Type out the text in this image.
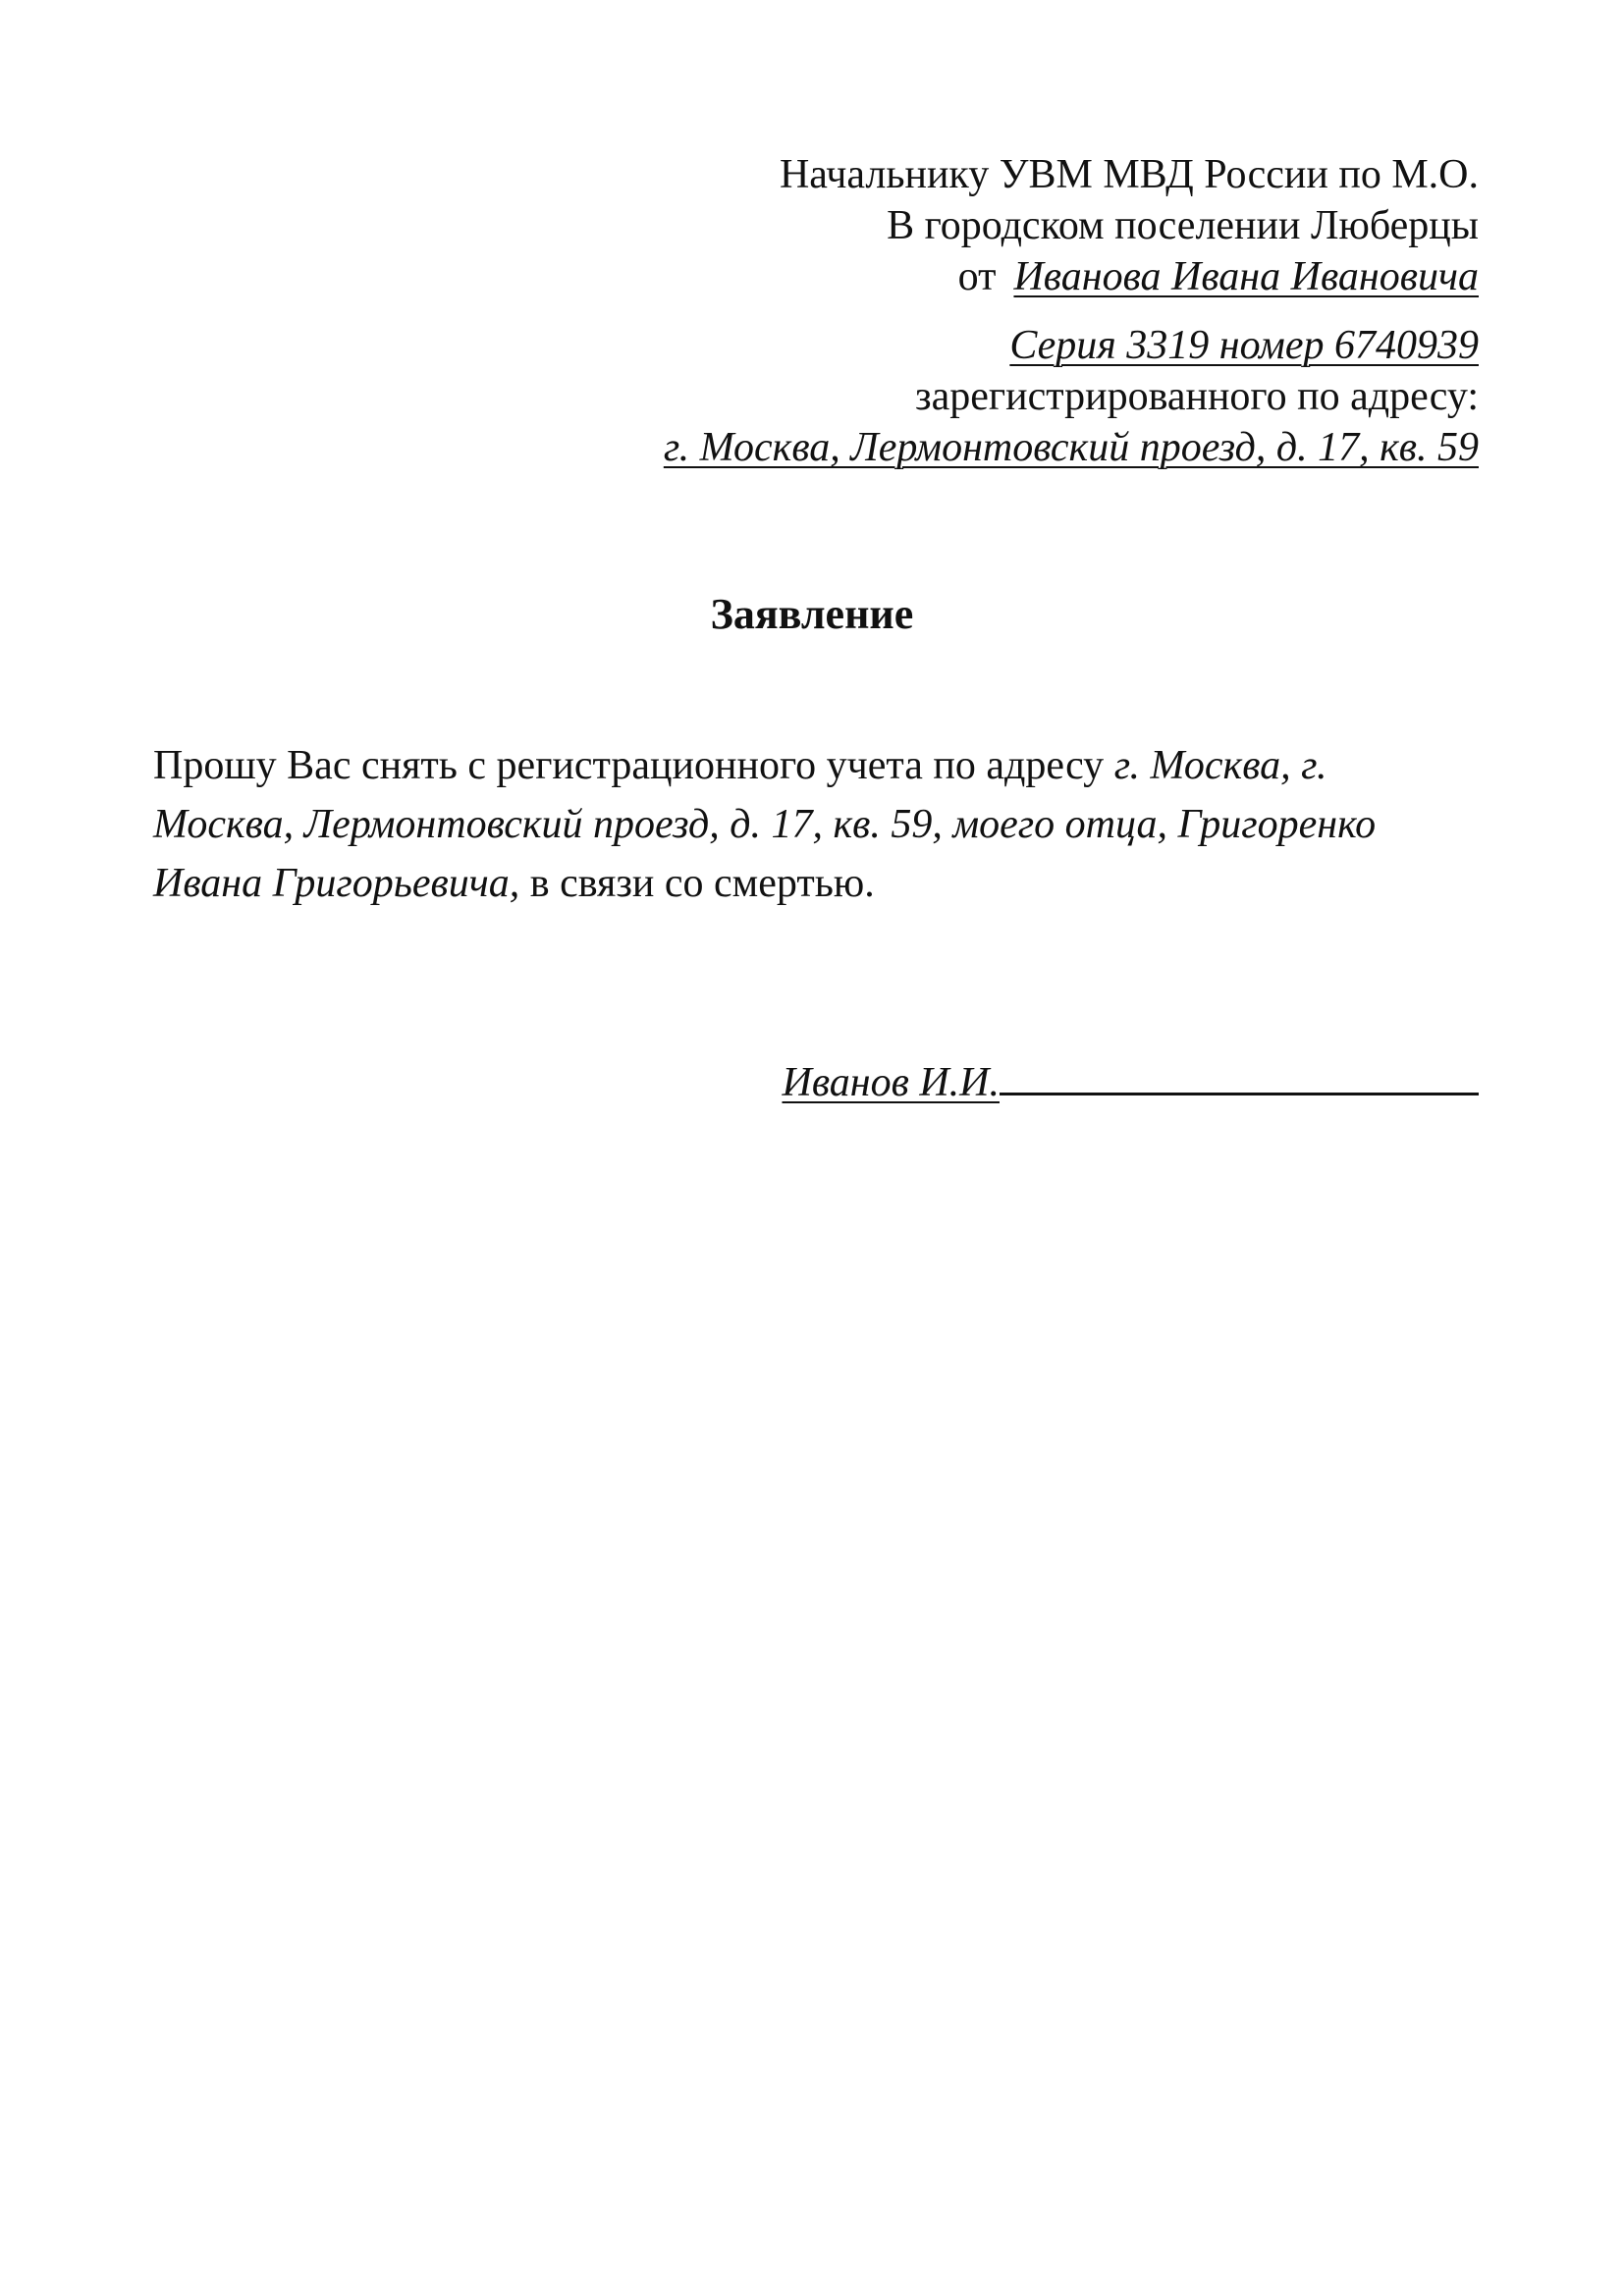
Начальнику УВМ МВД России по М.О.
В городском поселении Люберцы
от Иванова Ивана Ивановича
Серия 3319 номер 6740939
зарегистрированного по адресу:
г. Москва, Лермонтовский проезд, д. 17, кв. 59
Заявление
Прошу Вас снять с регистрационного учета по адресу г. Москва, г.
Москва, Лермонтовский проезд, д. 17, кв. 59, моего отца, Григоренко
Ивана Григорьевича, в связи со смертью.
Иванов И.И.
